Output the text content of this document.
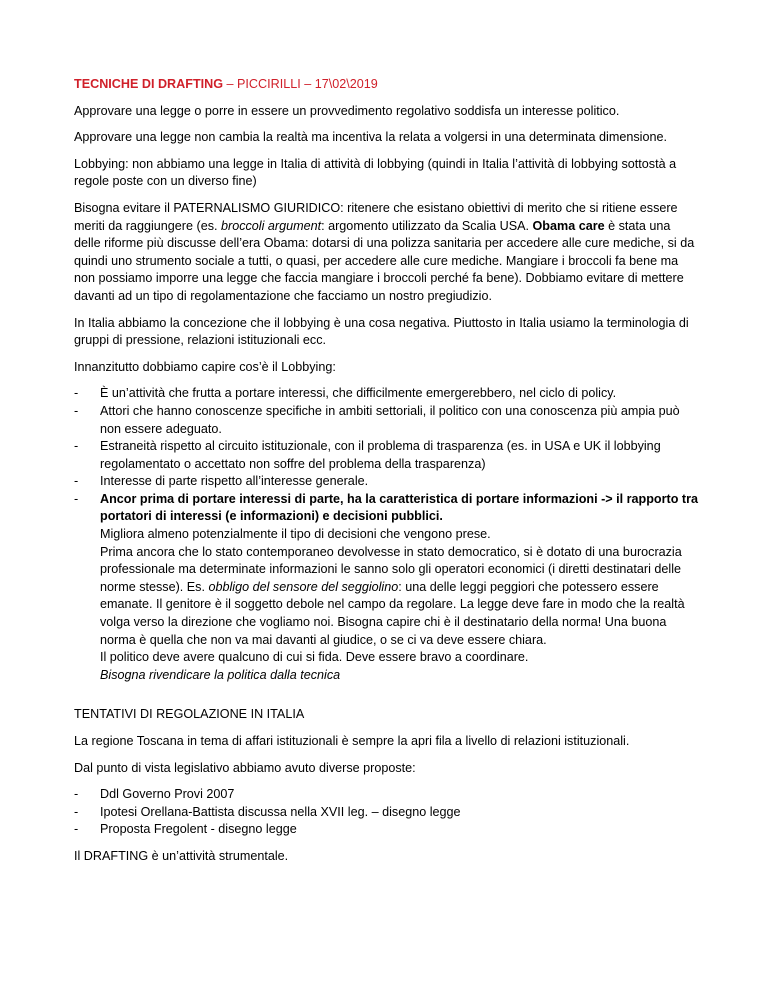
TECNICHE DI DRAFTING – PICCIRILLI – 17\02\2019

Approvare una legge o porre in essere un provvedimento regolativo soddisfa un interesse politico.

Approvare una legge non cambia la realtà ma incentiva la relata a volgersi in una determinata dimensione.

Lobbying: non abbiamo una legge in Italia di attività di lobbying (quindi in Italia l’attività di lobbying sottostà a regole poste con un diverso fine)

Bisogna evitare il PATERNALISMO GIURIDICO: ritenere che esistano obiettivi di merito che si ritiene essere meriti da raggiungere (es. broccoli argument: argomento utilizzato da Scalia USA. Obama care è stata una delle riforme più discusse dell’era Obama: dotarsi di una polizza sanitaria per accedere alle cure mediche, si da quindi uno strumento sociale a tutti, o quasi, per accedere alle cure mediche. Mangiare i broccoli fa bene ma non possiamo imporre una legge che faccia mangiare i broccoli perché fa bene). Dobbiamo evitare di mettere davanti ad un tipo di regolamentazione che facciamo un nostro pregiudizio.

In Italia abbiamo la concezione che il lobbying è una cosa negativa. Piuttosto in Italia usiamo la terminologia di gruppi di pressione, relazioni istituzionali ecc.

Innanzitutto dobbiamo capire cos’è il Lobbying:

- È un’attività che frutta a portare interessi, che difficilmente emergerebbero, nel ciclo di policy.
- Attori che hanno conoscenze specifiche in ambiti settoriali, il politico con una conoscenza più ampia può non essere adeguato.
- Estraneità rispetto al circuito istituzionale, con il problema di trasparenza (es. in USA e UK il lobbying regolamentato o accettato non soffre del problema della trasparenza)
- Interesse di parte rispetto all’interesse generale.
- Ancor prima di portare interessi di parte, ha la caratteristica di portare informazioni -> il rapporto tra portatori di interessi (e informazioni) e decisioni pubblici.
Migliora almeno potenzialmente il tipo di decisioni che vengono prese.
Prima ancora che lo stato contemporaneo devolvesse in stato democratico, si è dotato di una burocrazia professionale ma determinate informazioni le sanno solo gli operatori economici (i diretti destinatari delle norme stesse). Es. obbligo del sensore del seggiolino: una delle leggi peggiori che potessero essere emanate. Il genitore è il soggetto debole nel campo da regolare. La legge deve fare in modo che la realtà volga verso la direzione che vogliamo noi. Bisogna capire chi è il destinatario della norma! Una buona norma è quella che non va mai davanti al giudice, o se ci va deve essere chiara.
Il politico deve avere qualcuno di cui si fida. Deve essere bravo a coordinare.
Bisogna rivendicare la politica dalla tecnica

TENTATIVI DI REGOLAZIONE IN ITALIA

La regione Toscana in tema di affari istituzionali è sempre la apri fila a livello di relazioni istituzionali.

Dal punto di vista legislativo abbiamo avuto diverse proposte:

- Ddl Governo Provi 2007
- Ipotesi Orellana-Battista discussa nella XVII leg. – disegno legge
- Proposta Fregolent - disegno legge

Il DRAFTING è un’attività strumentale.
